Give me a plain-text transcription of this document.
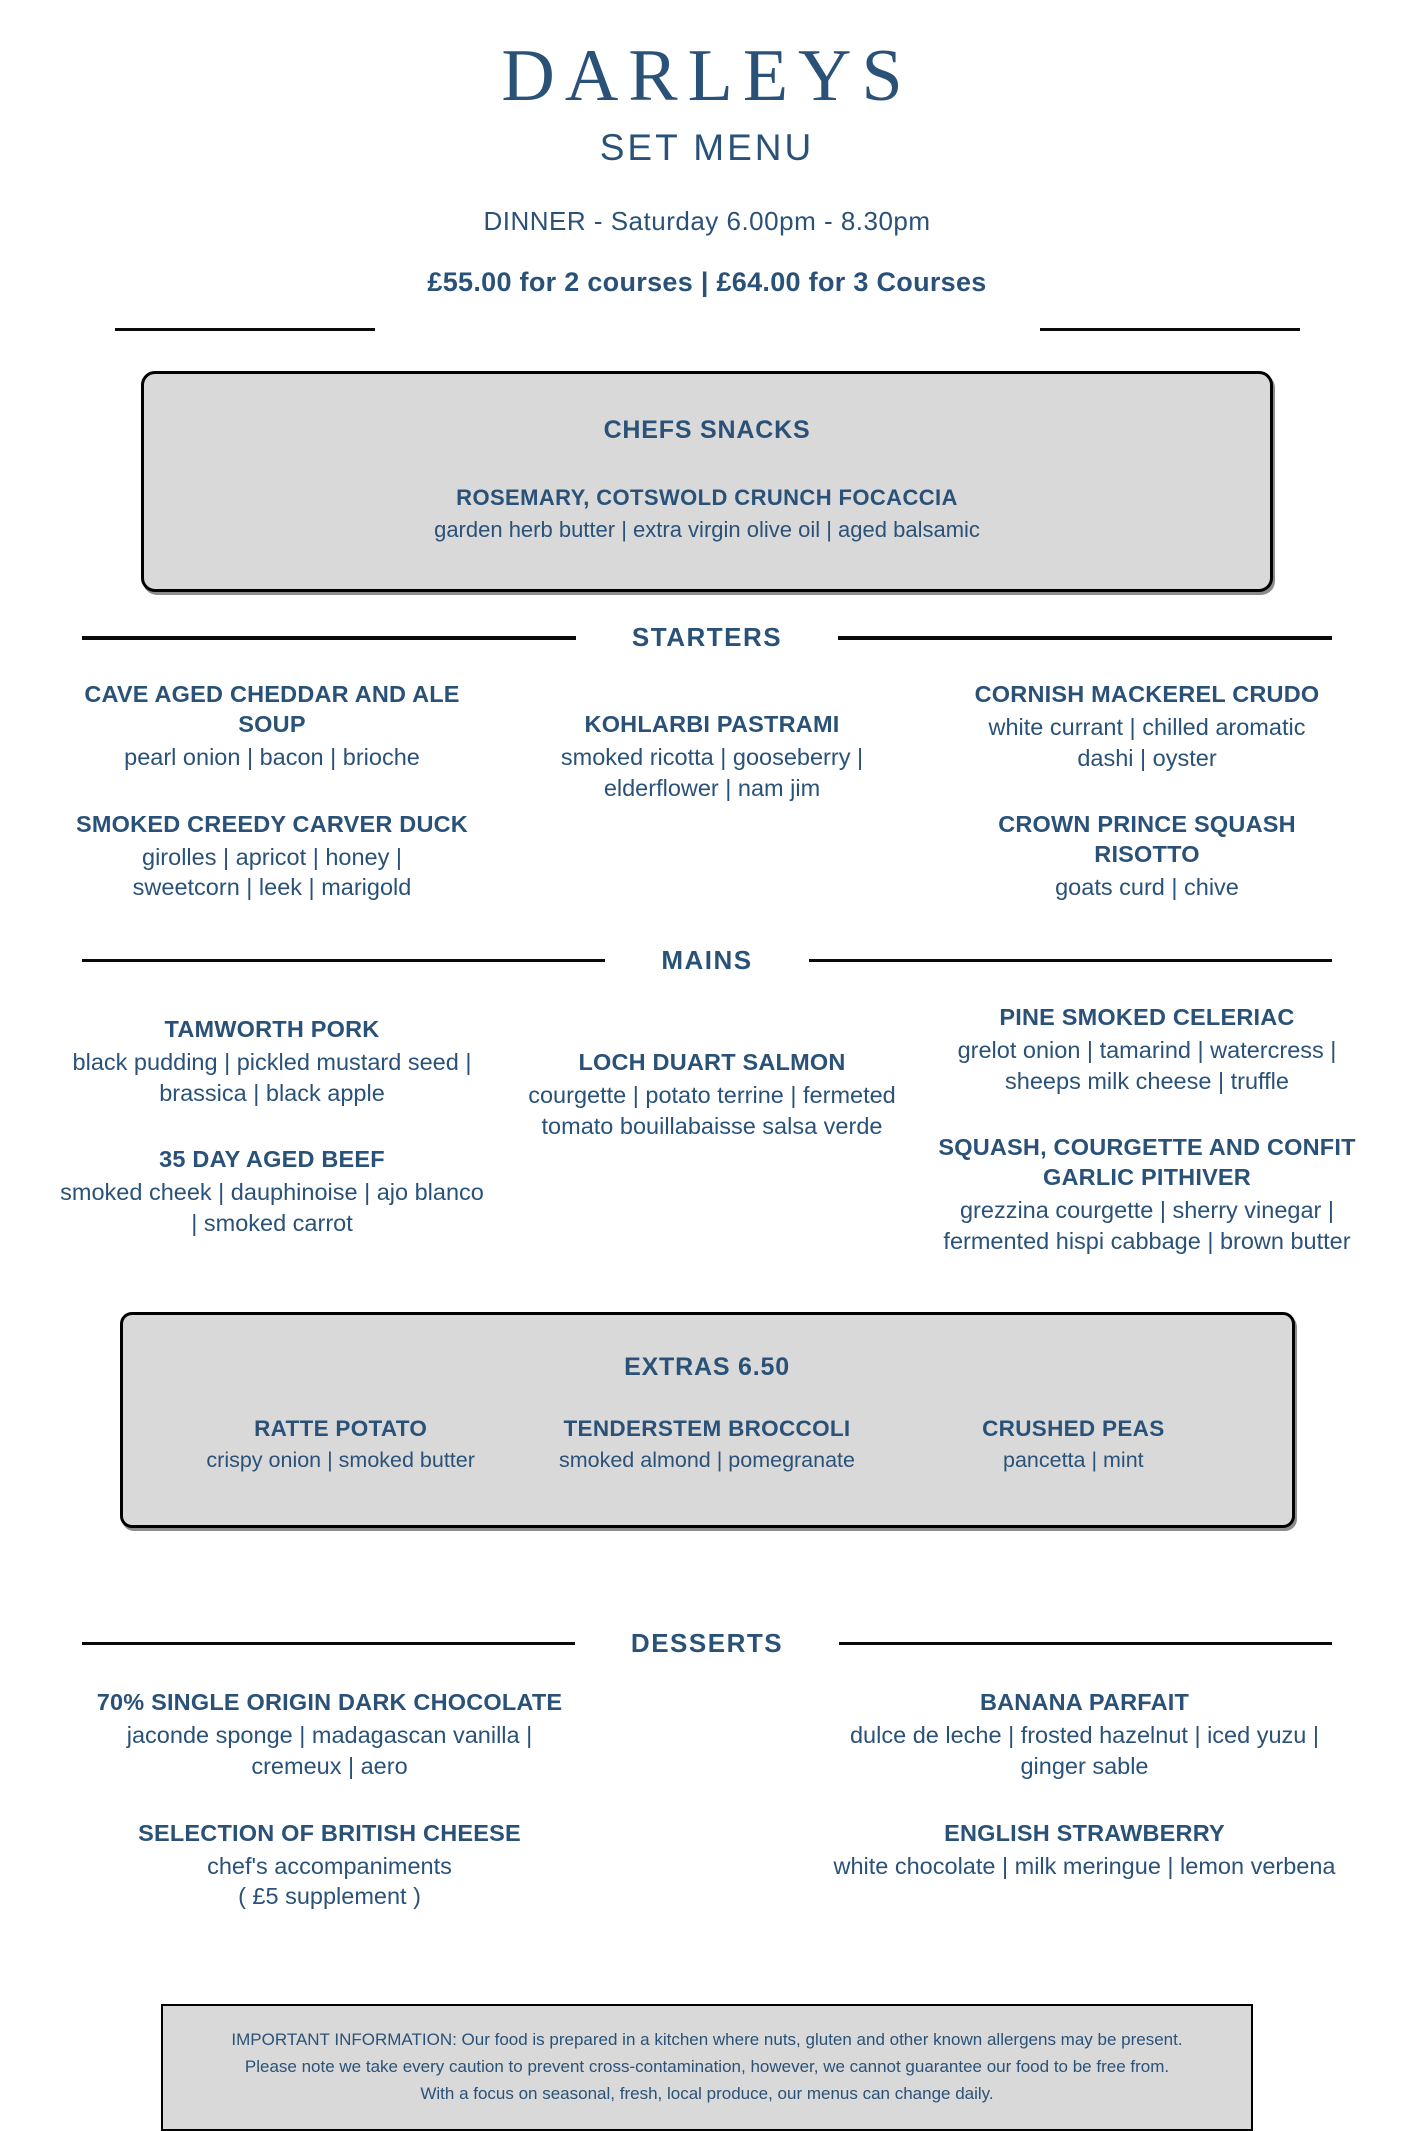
DARLEYS
SET MENU
DINNER - Saturday 6.00pm - 8.30pm
£55.00 for 2 courses | £64.00 for 3 Courses
CHEFS SNACKS
ROSEMARY, COTSWOLD CRUNCH FOCACCIA
garden herb butter | extra virgin olive oil | aged balsamic
STARTERS
CAVE AGED CHEDDAR AND ALE SOUP
pearl onion | bacon | brioche
SMOKED CREEDY CARVER DUCK
girolles | apricot | honey | sweetcorn | leek | marigold
KOHLARBI PASTRAMI
smoked ricotta | gooseberry | elderflower | nam jim
CORNISH MACKEREL CRUDO
white currant | chilled aromatic dashi | oyster
CROWN PRINCE SQUASH RISOTTO
goats curd | chive
MAINS
TAMWORTH PORK
black pudding | pickled mustard seed | brassica | black apple
35 DAY AGED BEEF
smoked cheek | dauphinoise | ajo blanco | smoked carrot
LOCH DUART SALMON
courgette | potato terrine | fermeted tomato bouillabaisse salsa verde
PINE SMOKED CELERIAC
grelot onion | tamarind | watercress | sheeps milk cheese | truffle
SQUASH, COURGETTE AND CONFIT GARLIC PITHIVER
grezzina courgette | sherry vinegar | fermented hispi cabbage | brown butter
EXTRAS 6.50
RATTE POTATO
crispy onion | smoked butter
TENDERSTEM BROCCOLI
smoked almond | pomegranate
CRUSHED PEAS
pancetta | mint
DESSERTS
70% SINGLE ORIGIN DARK CHOCOLATE
jaconde sponge | madagascan vanilla | cremeux | aero
SELECTION OF BRITISH CHEESE
chef's accompaniments
( £5 supplement )
BANANA PARFAIT
dulce de leche | frosted hazelnut | iced yuzu | ginger sable
ENGLISH STRAWBERRY
white chocolate | milk meringue | lemon verbena

IMPORTANT INFORMATION: Our food is prepared in a kitchen where nuts, gluten and other known allergens may be present.

Please note we take every caution to prevent cross-contamination, however, we cannot guarantee our food to be free from.

With a focus on seasonal, fresh, local produce, our menus can change daily.
